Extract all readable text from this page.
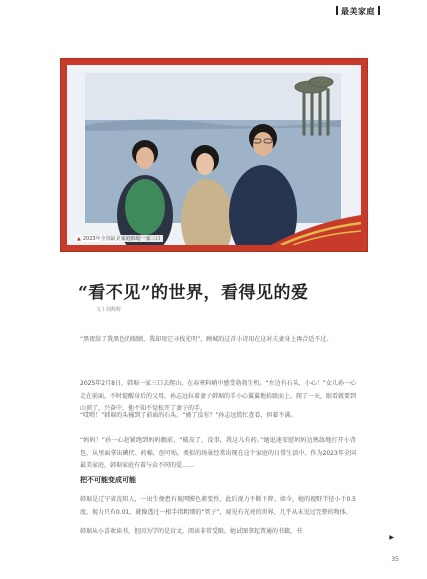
最美家庭
▲ 2023年全国最美家庭韩琚一家三口
“看不见”的世界，看得见的爱
文丨周辉辉

“黑夜给了我黑色的眼睛，我却用它寻找光明”，顾城的这首小诗用在这对夫妻身上再合适不过。

2025年2月8日，韩琚一家三口去爬山，在春寒料峭中感受勃勃生机。“左边有石头，小心！”女儿孙一心走在前面，不时提醒身后的父母，孙志远拉着妻子韩琚的手小心翼翼地拾级而上。爬了一天，眼看就要到山顶了，兴奋中，他不知不觉松开了妻子的手。

“哎哟！”韩琚的头撞到了前面的石头。“被了没有？”孙志远慌忙查看，担着不满。

“妈妈！”孙一心赶紧跑到妈妈跟前，“破皮了，没事，我这儿有药。”她迅速安慰妈妈边熟练地打开小背包，从里面拿出碘伏、药棉，创可贴。类似的场景经常出现在这个家庭的日常生活中。作为2023年全国最美家庭，韩琚家庭有着与众不同的爱……

把不可能变成可能

韩琚是辽宁省沈阳人，一出生便患有视网膜色素变性，此后视力不断下降。如今，她的视野半径小于0.5度，视力只有0.01，就像透过一根手指粗细的“管子”，窥见有光亮的世界，几乎从未见过完整的物体。

韩琚从小喜欢读书，但因为学的是盲文，阅读非常受限。她试图拿起普通的书籍，书

▶
35
